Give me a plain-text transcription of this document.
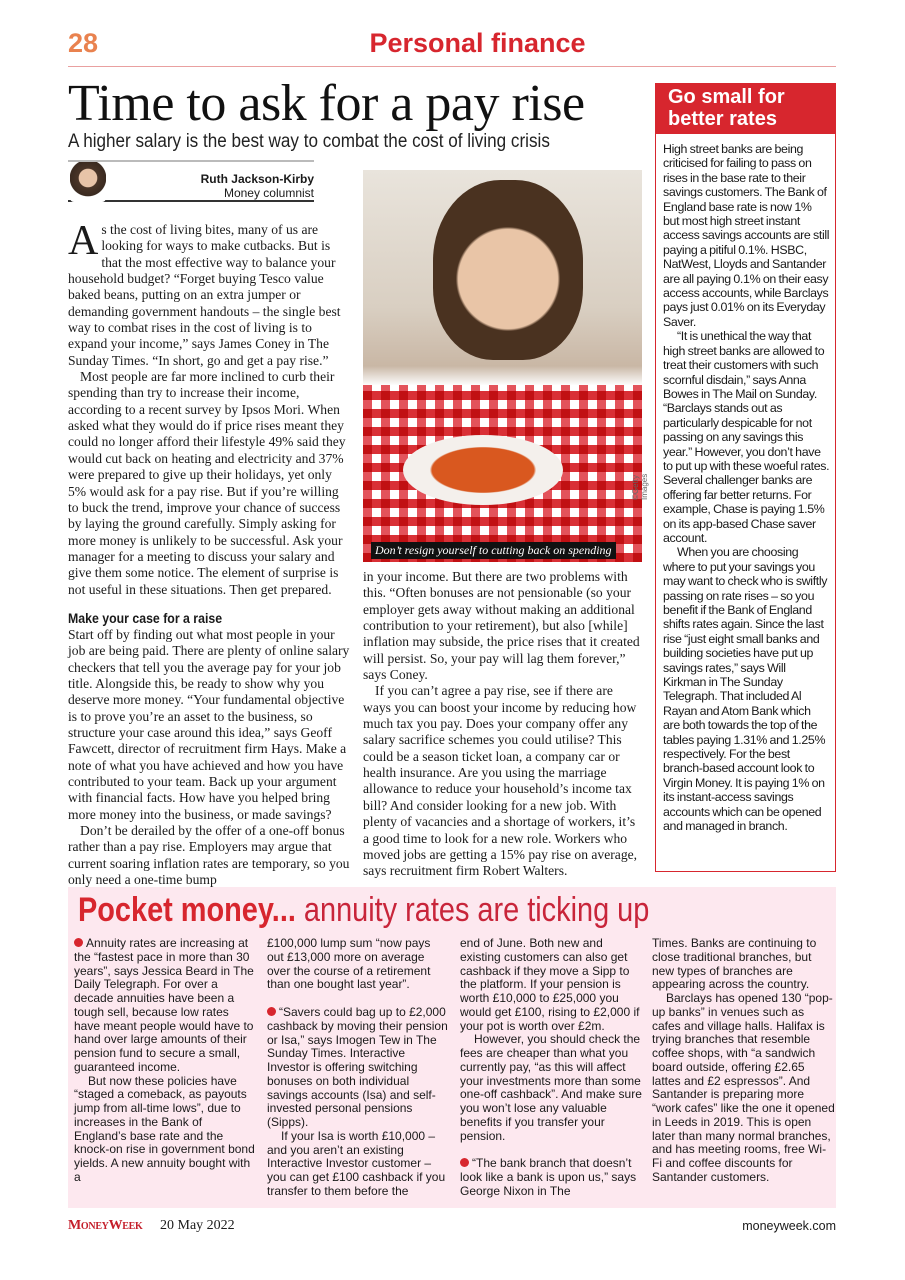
28	Personal finance
Time to ask for a pay rise
A higher salary is the best way to combat the cost of living crisis
Ruth Jackson-Kirby
Money columnist

As the cost of living bites, many of us are looking for ways to make cutbacks. But is that the most effective way to balance your household budget? “Forget buying Tesco value baked beans, putting on an extra jumper or demanding government handouts – the single best way to combat rises in the cost of living is to expand your income,” says James Coney in The Sunday Times. “In short, go and get a pay rise.”

Most people are far more inclined to curb their spending than try to increase their income, according to a recent survey by Ipsos Mori. When asked what they would do if price rises meant they could no longer afford their lifestyle 49% said they would cut back on heating and electricity and 37% were prepared to give up their holidays, yet only 5% would ask for a pay rise. But if you’re willing to buck the trend, improve your chance of success by laying the ground carefully. Simply asking for more money is unlikely to be successful. Ask your manager for a meeting to discuss your salary and give them some notice. The element of surprise is not useful in these situations. Then get prepared.

Make your case for a raise

Start off by finding out what most people in your job are being paid. There are plenty of online salary checkers that tell you the average pay for your job title. Alongside this, be ready to show why you deserve more money. “Your fundamental objective is to prove you’re an asset to the business, so structure your case around this idea,” says Geoff Fawcett, director of recruitment firm Hays. Make a note of what you have achieved and how you have contributed to your team. Back up your argument with financial facts. How have you helped bring more money into the business, or made savings?

Don’t be derailed by the offer of a one-off bonus rather than a pay rise. Employers may argue that current soaring inflation rates are temporary, so you only need a one-time bump

Don’t resign yourself to cutting back on spending
©Getty Images

in your income. But there are two problems with this. “Often bonuses are not pensionable (so your employer gets away without making an additional contribution to your retirement), but also [while] inflation may subside, the price rises that it created will persist. So, your pay will lag them forever,” says Coney.

If you can’t agree a pay rise, see if there are ways you can boost your income by reducing how much tax you pay. Does your company offer any salary sacrifice schemes you could utilise? This could be a season ticket loan, a company car or health insurance. Are you using the marriage allowance to reduce your household’s income tax bill? And consider looking for a new job. With plenty of vacancies and a shortage of workers, it’s a good time to look for a new role. Workers who moved jobs are getting a 15% pay rise on average, says recruitment firm Robert Walters.

Go small for better rates

High street banks are being criticised for failing to pass on rises in the base rate to their savings customers. The Bank of England base rate is now 1% but most high street instant access savings accounts are still paying a pitiful 0.1%. HSBC, NatWest, Lloyds and Santander are all paying 0.1% on their easy access accounts, while Barclays pays just 0.01% on its Everyday Saver.

“It is unethical the way that high street banks are allowed to treat their customers with such scornful disdain,” says Anna Bowes in The Mail on Sunday. “Barclays stands out as particularly despicable for not passing on any savings this year.” However, you don’t have to put up with these woeful rates. Several challenger banks are offering far better returns. For example, Chase is paying 1.5% on its app-based Chase saver account.

When you are choosing where to put your savings you may want to check who is swiftly passing on rate rises – so you benefit if the Bank of England shifts rates again. Since the last rise “just eight small banks and building societies have put up savings rates,” says Will Kirkman in The Sunday Telegraph. That included Al Rayan and Atom Bank which are both towards the top of the tables paying 1.31% and 1.25% respectively. For the best branch-based account look to Virgin Money. It is paying 1% on its instant-access savings accounts which can be opened and managed in branch.

Pocket money... annuity rates are ticking up

Annuity rates are increasing at the “fastest pace in more than 30 years”, says Jessica Beard in The Daily Telegraph. For over a decade annuities have been a tough sell, because low rates have meant people would have to hand over large amounts of their pension fund to secure a small, guaranteed income.

But now these policies have “staged a comeback, as payouts jump from all-time lows”, due to increases in the Bank of England’s base rate and the knock-on rise in government bond yields. A new annuity bought with a

£100,000 lump sum “now pays out £13,000 more on average over the course of a retirement than one bought last year”.

“Savers could bag up to £2,000 cashback by moving their pension or Isa,” says Imogen Tew in The Sunday Times. Interactive Investor is offering switching bonuses on both individual savings accounts (Isa) and self-invested personal pensions (Sipps).

If your Isa is worth £10,000 – and you aren’t an existing Interactive Investor customer – you can get £100 cashback if you transfer to them before the

end of June. Both new and existing customers can also get cashback if they move a Sipp to the platform. If your pension is worth £10,000 to £25,000 you would get £100, rising to £2,000 if your pot is worth over £2m.

However, you should check the fees are cheaper than what you currently pay, “as this will affect your investments more than some one-off cashback”. And make sure you won’t lose any valuable benefits if you transfer your pension.

“The bank branch that doesn’t look like a bank is upon us,” says George Nixon in The

Times. Banks are continuing to close traditional branches, but new types of branches are appearing across the country.

Barclays has opened 130 “pop-up banks” in venues such as cafes and village halls. Halifax is trying branches that resemble coffee shops, with “a sandwich board outside, offering £2.65 lattes and £2 espressos”. And Santander is preparing more “work cafes” like the one it opened in Leeds in 2019. This is open later than many normal branches, and has meeting rooms, free Wi-Fi and coffee discounts for Santander customers.

MoneyWeek 20 May 2022	moneyweek.com
